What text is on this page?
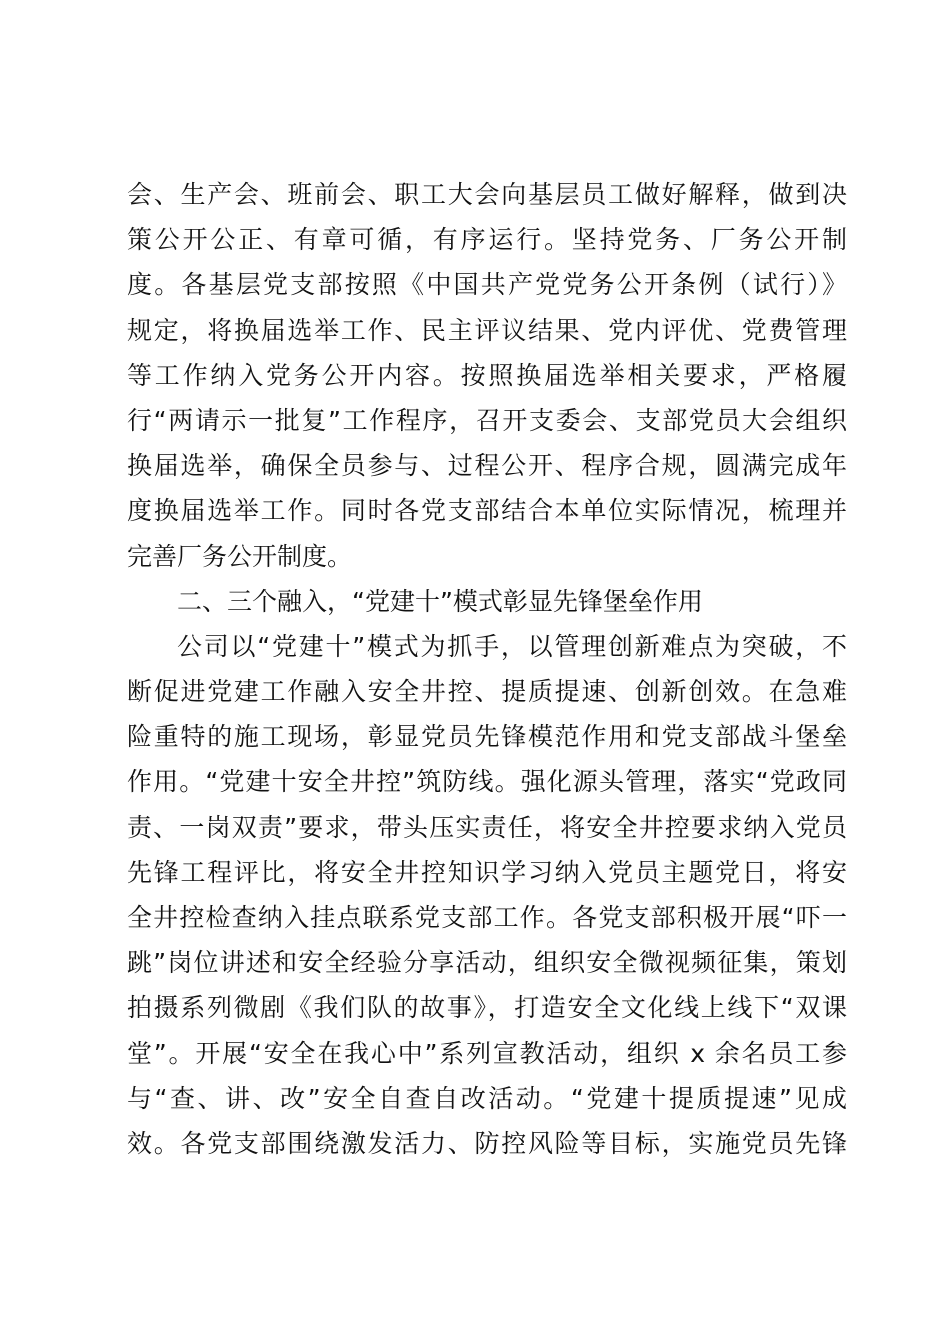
会、生产会、班前会、职工大会向基层员工做好解释，做到决
策公开公正、有章可循，有序运行。坚持党务、厂务公开制
度。各基层党支部按照《中国共产党党务公开条例（试行）》
规定，将换届选举工作、民主评议结果、党内评优、党费管理
等工作纳入党务公开内容。按照换届选举相关要求，严格履
行“两请示一批复”工作程序，召开支委会、支部党员大会组织
换届选举，确保全员参与、过程公开、程序合规，圆满完成年
度换届选举工作。同时各党支部结合本单位实际情况，梳理并
完善厂务公开制度。
二、三个融入，“党建十”模式彰显先锋堡垒作用
公司以“党建十”模式为抓手，以管理创新难点为突破，不
断促进党建工作融入安全井控、提质提速、创新创效。在急难
险重特的施工现场，彰显党员先锋模范作用和党支部战斗堡垒
作用。“党建十安全井控”筑防线。强化源头管理，落实“党政同
责、一岗双责”要求，带头压实责任，将安全井控要求纳入党员
先锋工程评比，将安全井控知识学习纳入党员主题党日，将安
全井控检查纳入挂点联系党支部工作。各党支部积极开展“吓一
跳”岗位讲述和安全经验分享活动，组织安全微视频征集，策划
拍摄系列微剧《我们队的故事》，打造安全文化线上线下“双课
堂”。开展“安全在我心中”系列宣教活动，组织 x 余名员工参
与“查、讲、改”安全自查自改活动。“党建十提质提速”见成
效。各党支部围绕激发活力、防控风险等目标，实施党员先锋
